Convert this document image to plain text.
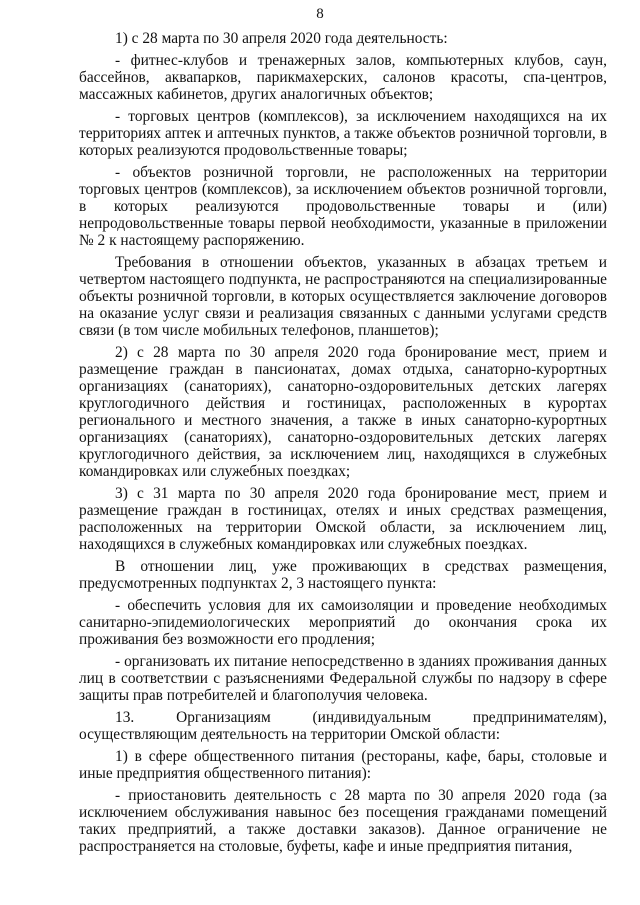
8

1) с 28 марта по 30 апреля 2020 года деятельность:

- фитнес-клубов и тренажерных залов, компьютерных клубов, саун, бассейнов, аквапарков, парикмахерских, салонов красоты, спа-центров, массажных кабинетов, других аналогичных объектов;

- торговых центров (комплексов), за исключением находящихся на их территориях аптек и аптечных пунктов, а также объектов розничной торговли, в которых реализуются продовольственные товары;

- объектов розничной торговли, не расположенных на территории торговых центров (комплексов), за исключением объектов розничной торговли, в которых реализуются продовольственные товары и (или) непродовольственные товары первой необходимости, указанные в приложении № 2 к настоящему распоряжению.

Требования в отношении объектов, указанных в абзацах третьем и четвертом настоящего подпункта, не распространяются на специализированные объекты розничной торговли, в которых осуществляется заключение договоров на оказание услуг связи и реализация связанных с данными услугами средств связи (в том числе мобильных телефонов, планшетов);

2) с 28 марта по 30 апреля 2020 года бронирование мест, прием и размещение граждан в пансионатах, домах отдыха, санаторно-курортных организациях (санаториях), санаторно-оздоровительных детских лагерях круглогодичного действия и гостиницах, расположенных в курортах регионального и местного значения, а также в иных санаторно-курортных организациях (санаториях), санаторно-оздоровительных детских лагерях круглогодичного действия, за исключением лиц, находящихся в служебных командировках или служебных поездках;

3) с 31 марта по 30 апреля 2020 года бронирование мест, прием и размещение граждан в гостиницах, отелях и иных средствах размещения, расположенных на территории Омской области, за исключением лиц, находящихся в служебных командировках или служебных поездках.

В отношении лиц, уже проживающих в средствах размещения, предусмотренных подпунктах 2, 3 настоящего пункта:

- обеспечить условия для их самоизоляции и проведение необходимых санитарно-эпидемиологических мероприятий до окончания срока их проживания без возможности его продления;

- организовать их питание непосредственно в зданиях проживания данных лиц в соответствии с разъяснениями Федеральной службы по надзору в сфере защиты прав потребителей и благополучия человека.

13. Организациям (индивидуальным предпринимателям), осуществляющим деятельность на территории Омской области:

1) в сфере общественного питания (рестораны, кафе, бары, столовые и иные предприятия общественного питания):

- приостановить деятельность с 28 марта по 30 апреля 2020 года (за исключением обслуживания навынос без посещения гражданами помещений таких предприятий, а также доставки заказов). Данное ограничение не распространяется на столовые, буфеты, кафе и иные предприятия питания,
